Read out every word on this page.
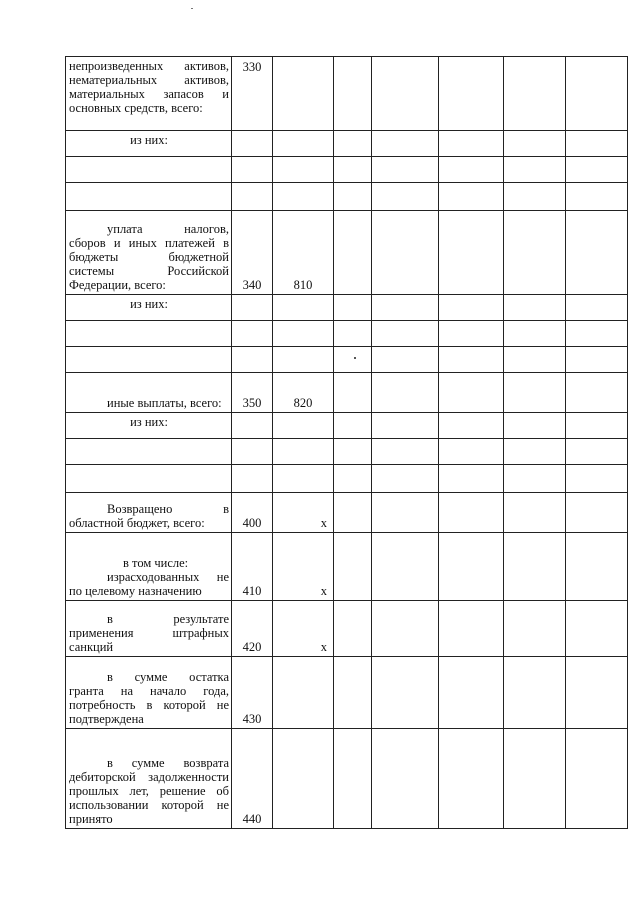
непроизведенных активов, нематериальных активов, материальных запасов и основных средств, всего:	330						

из них:							

уплата налогов, сборов и иных платежей в бюджеты бюджетной системы Российской Федерации, всего:	340	810					

из них:							

иные выплаты, всего:	350	820					

из них:							

Возвращено в областной бюджет, всего:	400	x					

в том числе:
израсходованных не по целевому назначению	410	x					

в результате применения штрафных санкций	420	x					

в сумме остатка гранта на начало года, потребность в которой не подтверждена	430						

в сумме возврата дебиторской задолженности прошлых лет, решение об использовании которой не принято	440						
